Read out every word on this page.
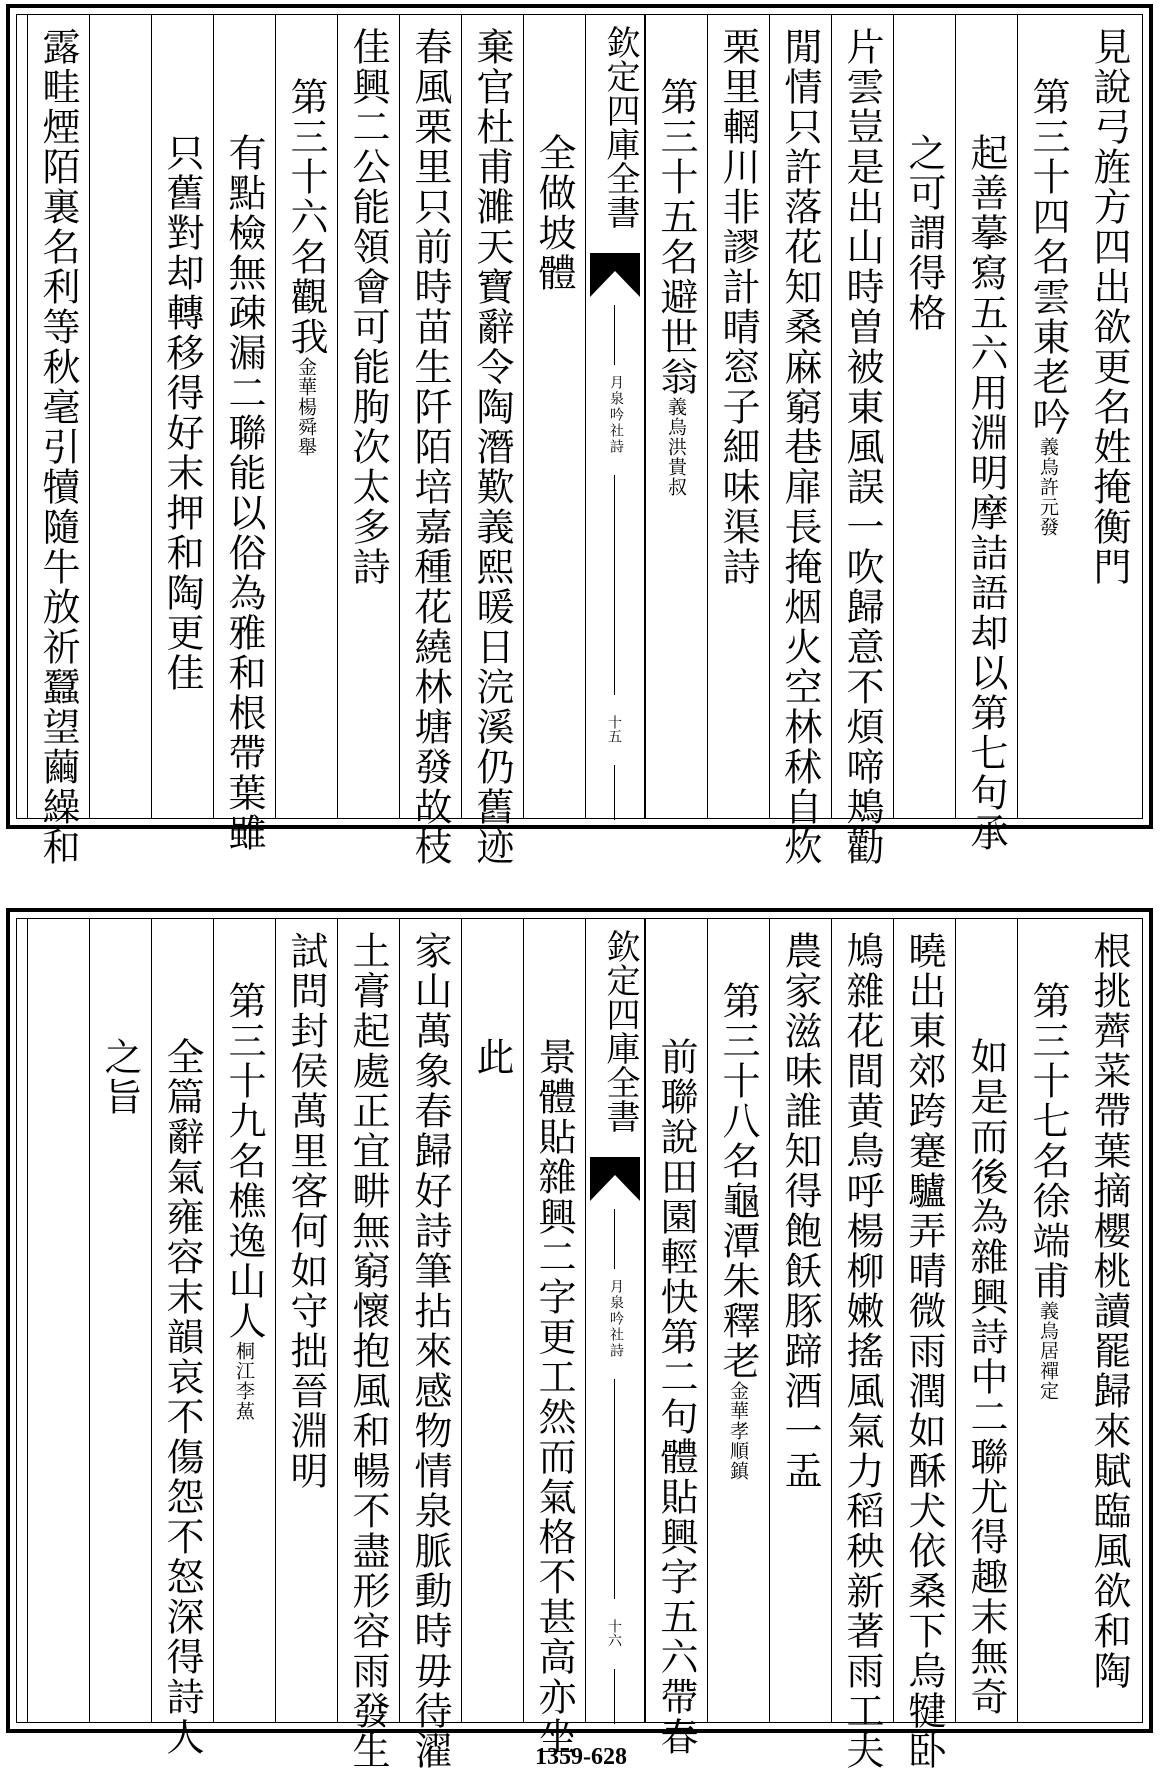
見說弓旌方四出欲更名姓掩衡門
第三十四名雲東老吟義烏許元發
起善摹寫五六用淵明摩詰語却以第七句承
之可謂得格
片雲豈是出山時曽被東風誤一吹歸意不煩啼鴂勸
閒情只許落花知桑麻窮巷扉長掩烟火空林秫自炊
栗里輞川非謬計晴窓子細味渠詩
第三十五名避世翁義烏洪貴叔
欽定四庫全書
月泉吟社詩
十五
全做坡體
棄官杜甫濉天寶辭令陶潛歎義熙暖日浣溪仍舊迹
春風栗里只前時苗生阡陌培嘉種花繞林塘發故枝
佳興二公能領會可能朐次太多詩
第三十六名觀我金華楊舜舉
有點檢無疎漏二聯能以俗為雅和根帶葉雖
只舊對却轉移得好末押和陶更佳
露畦煙陌裏名利等秋毫引犢隨牛放祈蠶望繭繰和
根挑薺菜帶葉摘櫻桃讀罷歸來賦臨風欲和陶
第三十七名徐端甫義烏居禪定
如是而後為雜興詩中二聯尤得趣末無奇
曉出東郊跨蹇驢弄晴微雨潤如酥犬依桑下烏犍卧
鳩雜花間黄鳥呼楊柳嫩搖風氣力稻秧新著雨工夫
農家滋味誰知得飽飫豚蹄酒一盂
第三十八名龜潭朱釋老金華孝順鎮
前聯說田園輕快第二句體貼興字五六帶春
欽定四庫全書
月泉吟社詩
十六
景體貼雜興二字更工然而氣格不甚高亦坐
此
家山萬象春歸好詩筆拈來感物情泉脈動時毋待濯
土膏起處正宜畊無窮懷抱風和暢不盡形容雨發生
試問封侯萬里客何如守拙晉淵明
第三十九名樵逸山人桐江李䔡
全篇辭氣雍容末韻哀不傷怨不怒深得詩人
之旨
1359-628
